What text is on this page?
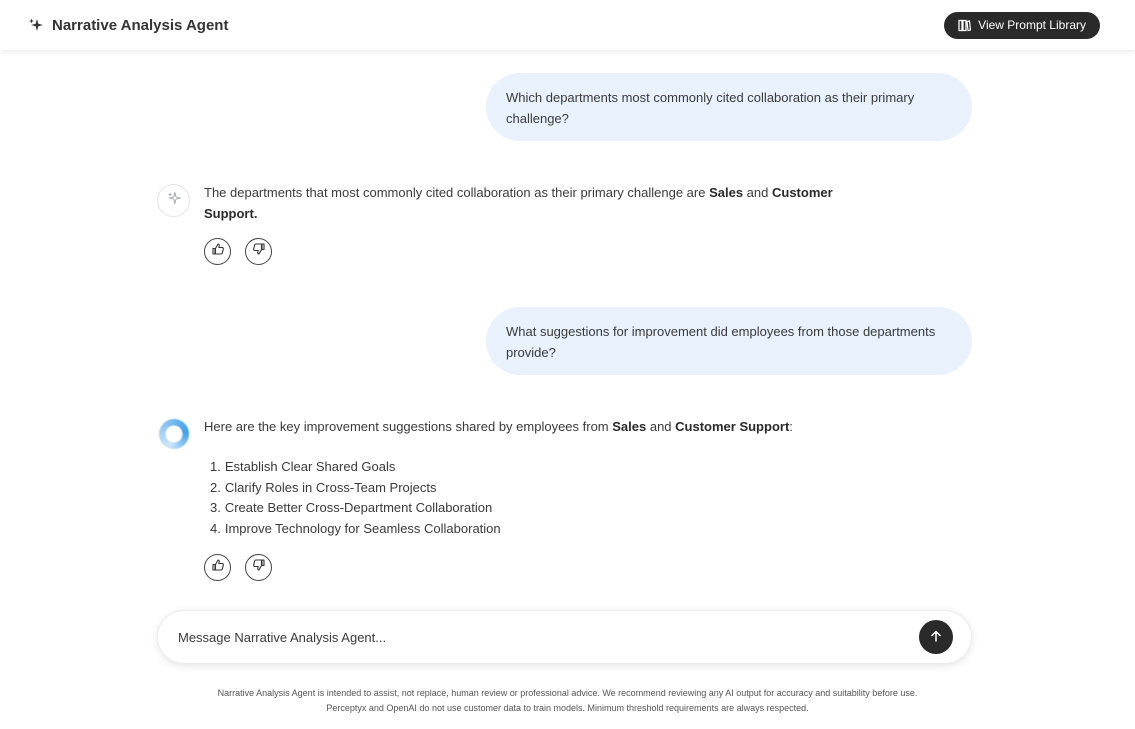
Narrative Analysis Agent	View Prompt Library
Which departments most commonly cited collaboration as their primary challenge?
The departments that most commonly cited collaboration as their primary challenge are Sales and Customer Support.
What suggestions for improvement did employees from those departments provide?
Here are the key improvement suggestions shared by employees from Sales and Customer Support:
1. Establish Clear Shared Goals
2. Clarify Roles in Cross-Team Projects
3. Create Better Cross-Department Collaboration
4. Improve Technology for Seamless Collaboration
Message Narrative Analysis Agent...
Narrative Analysis Agent is intended to assist, not replace, human review or professional advice. We recommend reviewing any AI output for accuracy and suitability before use.
Perceptyx and OpenAI do not use customer data to train models. Minimum threshold requirements are always respected.
